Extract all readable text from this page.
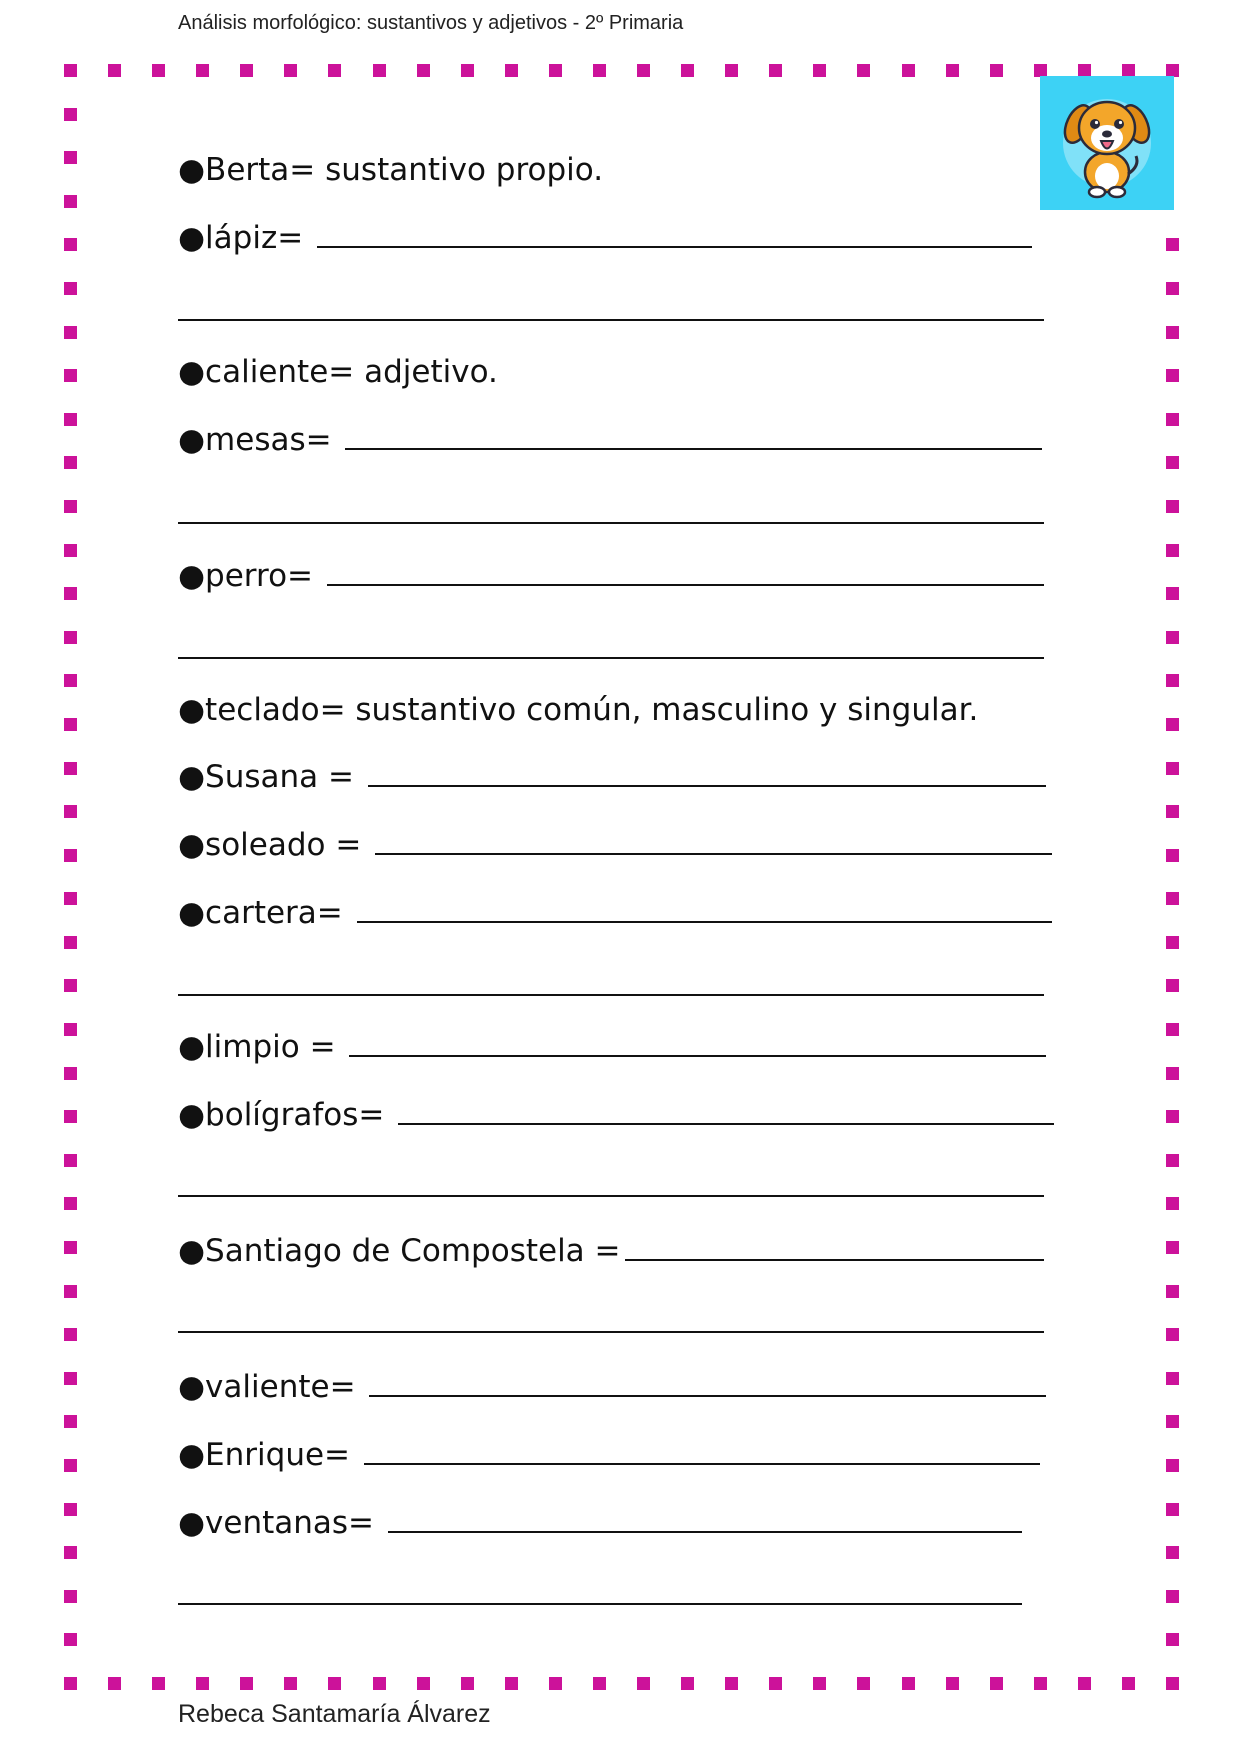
Análisis morfológico: sustantivos y adjetivos - 2º Primaria
●Berta= sustantivo propio.
●lápiz=
●caliente= adjetivo.
●mesas=
●perro=
●teclado= sustantivo común, masculino y singular.
●Susana =
●soleado =
●cartera=
●limpio =
●bolígrafos=
●Santiago de Compostela =
●valiente=
●Enrique=
●ventanas=
Rebeca Santamaría Álvarez
